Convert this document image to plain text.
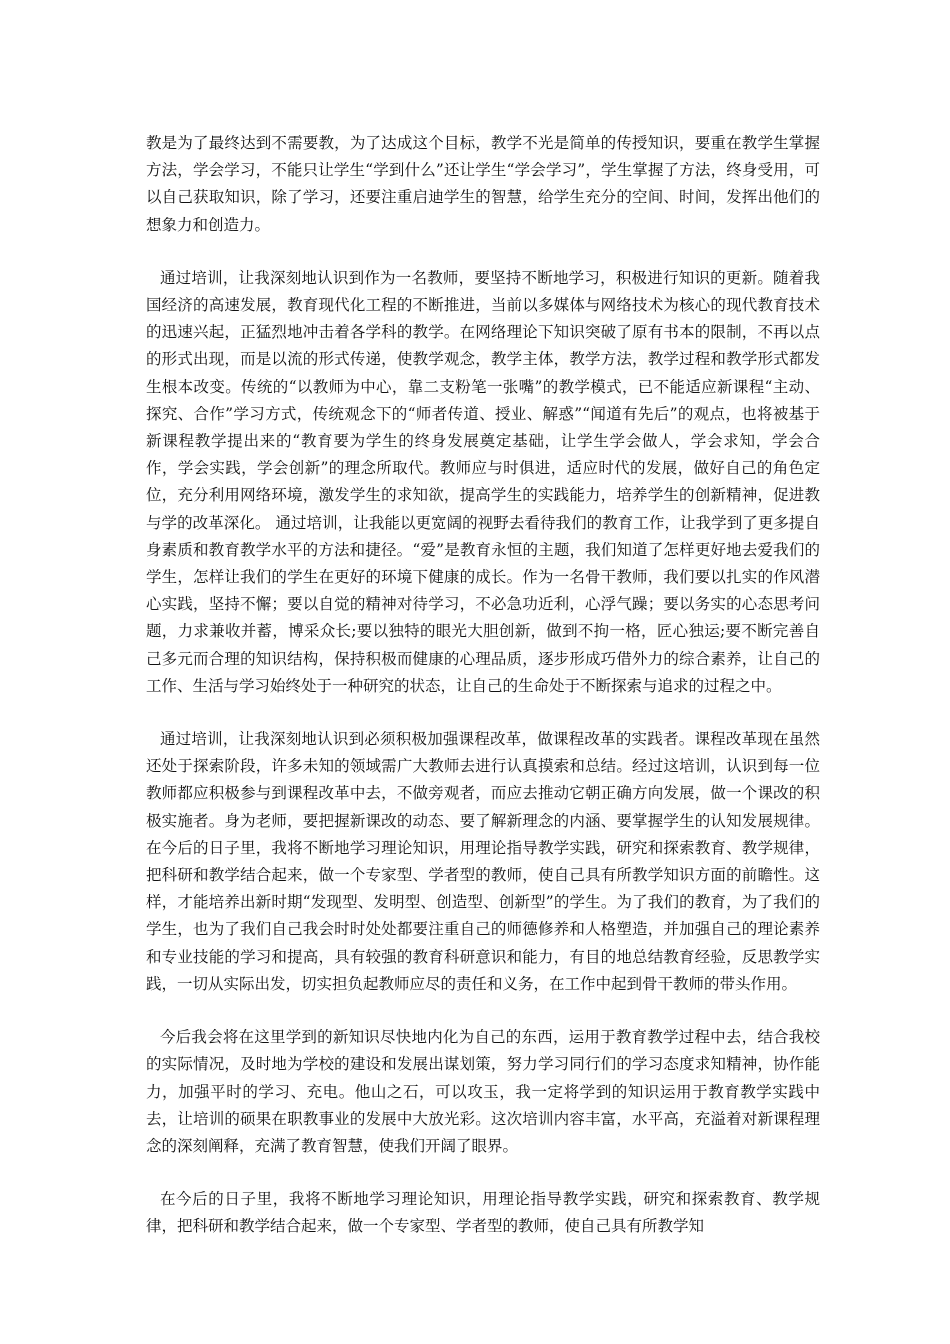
教是为了最终达到不需要教，为了达成这个目标，教学不光是简单的传授知识，要重在教学生掌握方法，学会学习，不能只让学生“学到什么”还让学生“学会学习”，学生掌握了方法，终身受用，可以自己获取知识，除了学习，还要注重启迪学生的智慧，给学生充分的空间、时间，发挥出他们的想象力和创造力。

通过培训，让我深刻地认识到作为一名教师，要坚持不断地学习，积极进行知识的更新。随着我国经济的高速发展，教育现代化工程的不断推进，当前以多媒体与网络技术为核心的现代教育技术的迅速兴起，正猛烈地冲击着各学科的教学。在网络理论下知识突破了原有书本的限制，不再以点的形式出现，而是以流的形式传递，使教学观念，教学主体，教学方法，教学过程和教学形式都发生根本改变。传统的“以教师为中心，靠二支粉笔一张嘴”的教学模式，已不能适应新课程“主动、探究、合作”学习方式，传统观念下的“师者传道、授业、解惑”“闻道有先后”的观点，也将被基于新课程教学提出来的“教育要为学生的终身发展奠定基础，让学生学会做人，学会求知，学会合作，学会实践，学会创新”的理念所取代。教师应与时俱进，适应时代的发展，做好自己的角色定位，充分利用网络环境，激发学生的求知欲，提高学生的实践能力，培养学生的创新精神，促进教与学的改革深化。 通过培训，让我能以更宽阔的视野去看待我们的教育工作，让我学到了更多提自身素质和教育教学水平的方法和捷径。“爱”是教育永恒的主题，我们知道了怎样更好地去爱我们的学生，怎样让我们的学生在更好的环境下健康的成长。作为一名骨干教师，我们要以扎实的作风潜心实践，坚持不懈；要以自觉的精神对待学习，不必急功近利，心浮气躁；要以务实的心态思考问题，力求兼收并蓄，博采众长;要以独特的眼光大胆创新，做到不拘一格，匠心独运;要不断完善自己多元而合理的知识结构，保持积极而健康的心理品质，逐步形成巧借外力的综合素养，让自己的工作、生活与学习始终处于一种研究的状态，让自己的生命处于不断探索与追求的过程之中。

通过培训，让我深刻地认识到必须积极加强课程改革，做课程改革的实践者。课程改革现在虽然还处于探索阶段，许多未知的领域需广大教师去进行认真摸索和总结。经过这培训，认识到每一位教师都应积极参与到课程改革中去，不做旁观者，而应去推动它朝正确方向发展，做一个课改的积极实施者。身为老师，要把握新课改的动态、要了解新理念的内涵、要掌握学生的认知发展规律。在今后的日子里，我将不断地学习理论知识，用理论指导教学实践，研究和探索教育、教学规律，把科研和教学结合起来，做一个专家型、学者型的教师，使自己具有所教学知识方面的前瞻性。这样，才能培养出新时期“发现型、发明型、创造型、创新型”的学生。为了我们的教育，为了我们的学生，也为了我们自己我会时时处处都要注重自己的师德修养和人格塑造，并加强自己的理论素养和专业技能的学习和提高，具有较强的教育科研意识和能力，有目的地总结教育经验，反思教学实践，一切从实际出发，切实担负起教师应尽的责任和义务，在工作中起到骨干教师的带头作用。

今后我会将在这里学到的新知识尽快地内化为自己的东西，运用于教育教学过程中去，结合我校的实际情况，及时地为学校的建设和发展出谋划策，努力学习同行们的学习态度求知精神，协作能力，加强平时的学习、充电。他山之石，可以攻玉，我一定将学到的知识运用于教育教学实践中去，让培训的硕果在职教事业的发展中大放光彩。这次培训内容丰富，水平高，充溢着对新课程理念的深刻阐释，充满了教育智慧，使我们开阔了眼界。

在今后的日子里，我将不断地学习理论知识，用理论指导教学实践，研究和探索教育、教学规律，把科研和教学结合起来，做一个专家型、学者型的教师，使自己具有所教学知
